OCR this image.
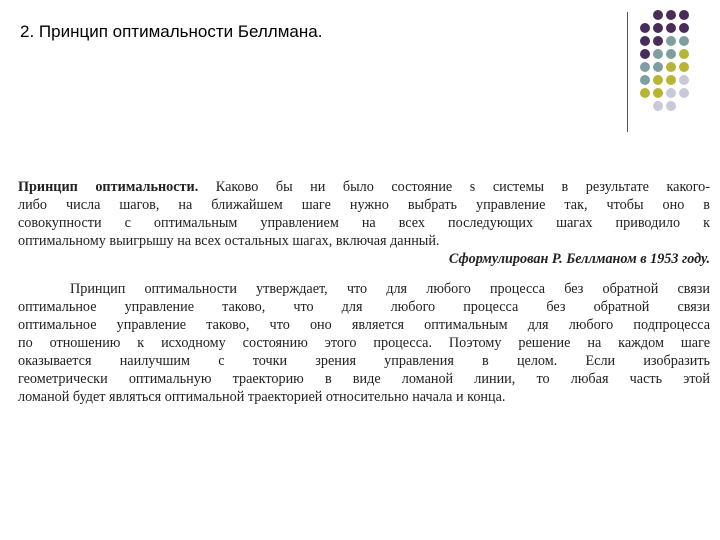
2. Принцип оптимальности Беллмана.

Принцип оптимальности. Каково бы ни было состояние s системы в результате какого-

либо числа шагов, на ближайшем шаге нужно выбрать управление так, чтобы оно в

совокупности с оптимальным управлением на всех последующих шагах приводило к

оптимальному выигрышу на всех остальных шагах, включая данный.

Сформулирован Р. Беллманом в 1953 году.

Принцип оптимальности утверждает, что для любого процесса без обратной связи

оптимальное управление таково, что для любого процесса без обратной связи

оптимальное управление таково, что оно является оптимальным для любого подпроцесса

по отношению к исходному состоянию этого процесса. Поэтому решение на каждом шаге

оказывается наилучшим с точки зрения управления в целом. Если изобразить

геометрически оптимальную траекторию в виде ломаной линии, то любая часть этой

ломаной будет являться оптимальной траекторией относительно начала и конца.
